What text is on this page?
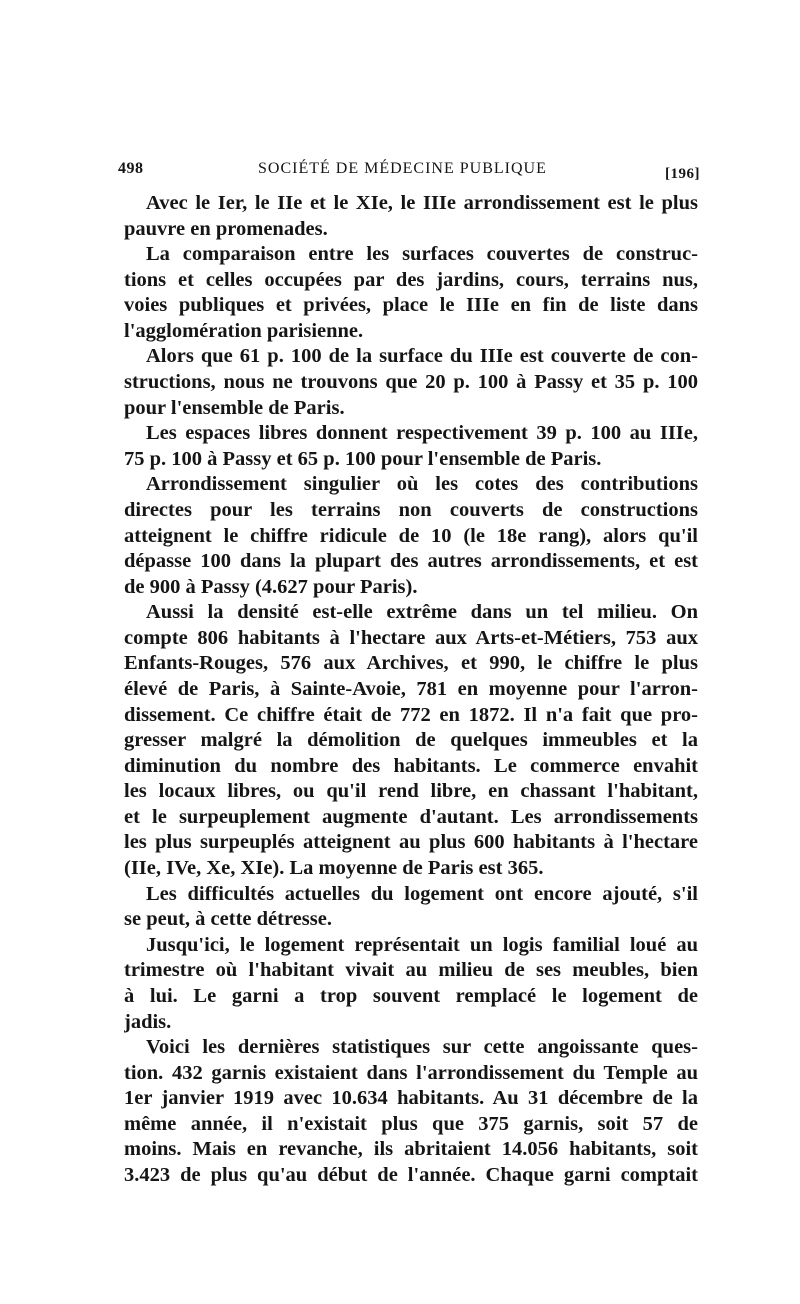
498	SOCIÉTÉ DE MÉDECINE PUBLIQUE	[196]
Avec le Ier, le IIe et le XIe, le IIIe arrondissement est le plus
pauvre en promenades.
La comparaison entre les surfaces couvertes de construc-
tions et celles occupées par des jardins, cours, terrains nus,
voies publiques et privées, place le IIIe en fin de liste dans
l'agglomération parisienne.
Alors que 61 p. 100 de la surface du IIIe est couverte de con-
structions, nous ne trouvons que 20 p. 100 à Passy et 35 p. 100
pour l'ensemble de Paris.
Les espaces libres donnent respectivement 39 p. 100 au IIIe,
75 p. 100 à Passy et 65 p. 100 pour l'ensemble de Paris.
Arrondissement singulier où les cotes des contributions
directes pour les terrains non couverts de constructions
atteignent le chiffre ridicule de 10 (le 18e rang), alors qu'il
dépasse 100 dans la plupart des autres arrondissements, et est
de 900 à Passy (4.627 pour Paris).
Aussi la densité est-elle extrême dans un tel milieu. On
compte 806 habitants à l'hectare aux Arts-et-Métiers, 753 aux
Enfants-Rouges, 576 aux Archives, et 990, le chiffre le plus
élevé de Paris, à Sainte-Avoie, 781 en moyenne pour l'arron-
dissement. Ce chiffre était de 772 en 1872. Il n'a fait que pro-
gresser malgré la démolition de quelques immeubles et la
diminution du nombre des habitants. Le commerce envahit
les locaux libres, ou qu'il rend libre, en chassant l'habitant,
et le surpeuplement augmente d'autant. Les arrondissements
les plus surpeuplés atteignent au plus 600 habitants à l'hectare
(IIe, IVe, Xe, XIe). La moyenne de Paris est 365.
Les difficultés actuelles du logement ont encore ajouté, s'il
se peut, à cette détresse.
Jusqu'ici, le logement représentait un logis familial loué au
trimestre où l'habitant vivait au milieu de ses meubles, bien
à lui. Le garni a trop souvent remplacé le logement de
jadis.
Voici les dernières statistiques sur cette angoissante ques-
tion. 432 garnis existaient dans l'arrondissement du Temple au
1er janvier 1919 avec 10.634 habitants. Au 31 décembre de la
même année, il n'existait plus que 375 garnis, soit 57 de
moins. Mais en revanche, ils abritaient 14.056 habitants, soit
3.423 de plus qu'au début de l'année. Chaque garni comptait
